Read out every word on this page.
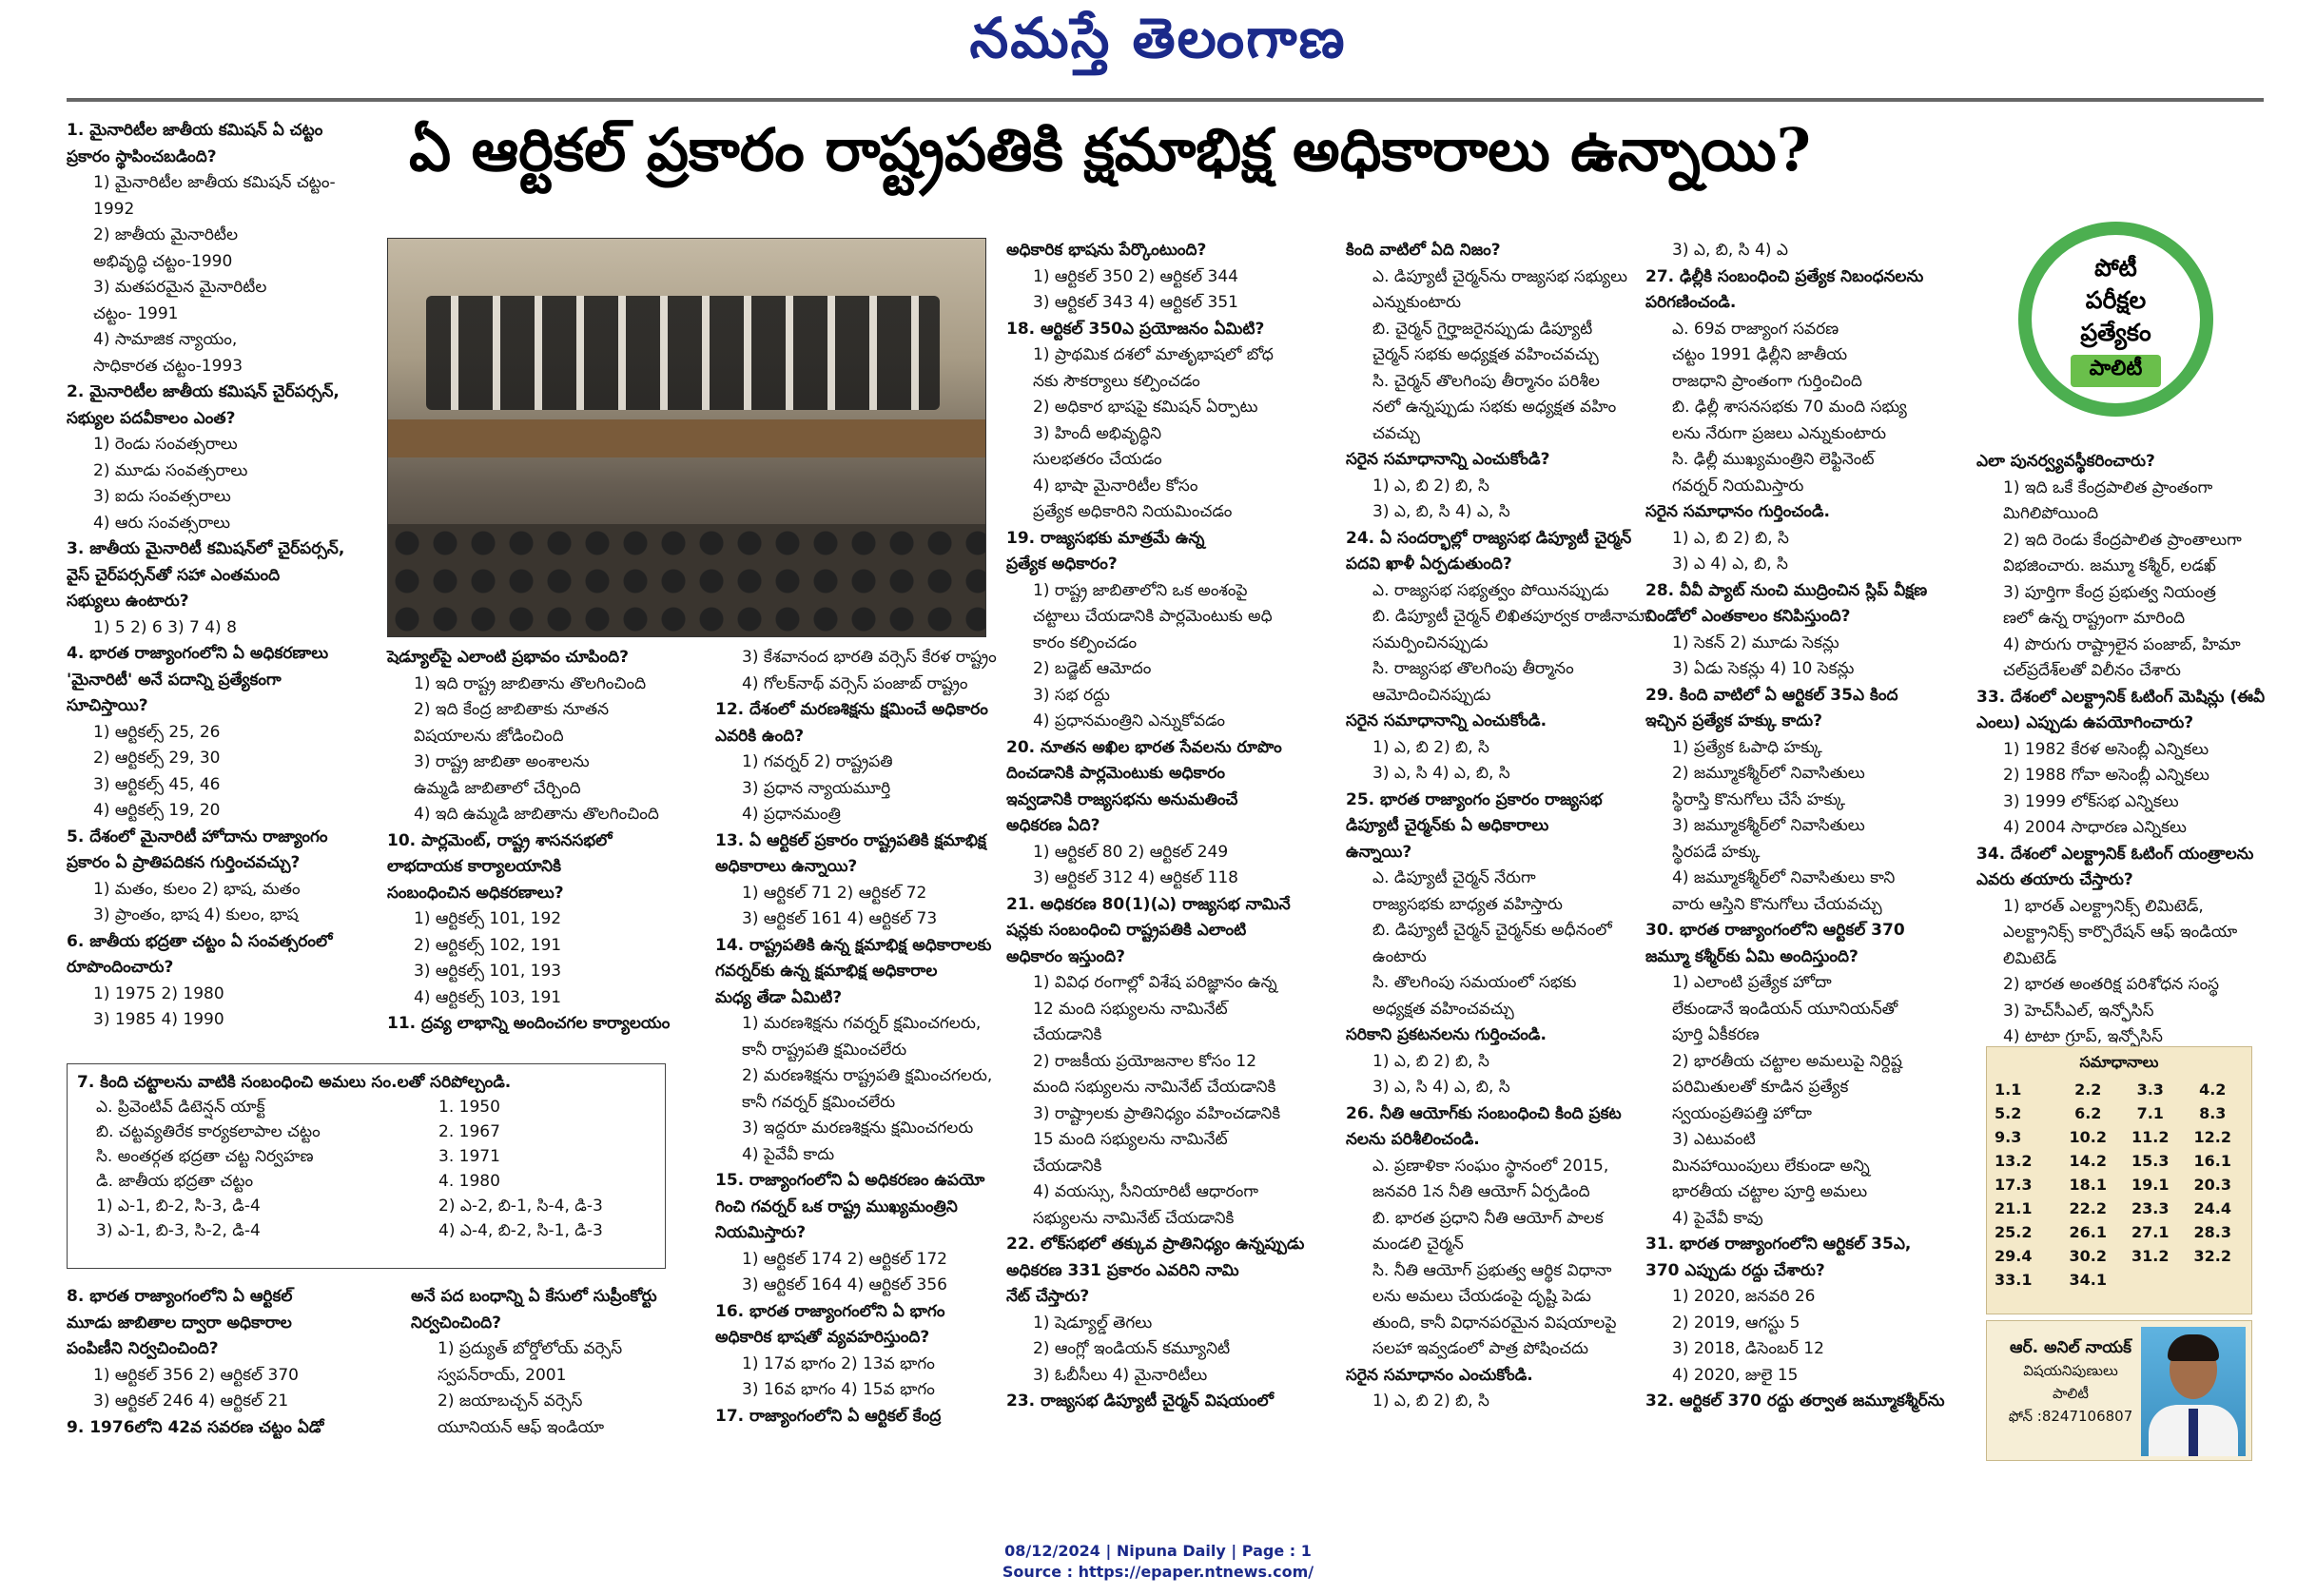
నమస్తే తెలంగాణ
ఏ ఆర్టికల్ ప్రకారం రాష్ట్రపతికి క్షమాభిక్ష అధికారాలు ఉన్నాయి?

1. మైనారిటీల జాతీయ కమిషన్ ఏ చట్టం

ప్రకారం స్థాపించబడింది?

1) మైనారిటీల జాతీయ కమిషన్ చట్టం-

1992

2) జాతీయ మైనారిటీల

అభివృద్ధి చట్టం-1990

3) మతపరమైన మైనారిటీల

చట్టం- 1991

4) సామాజిక న్యాయం,

సాధికారత చట్టం-1993

2. మైనారిటీల జాతీయ కమిషన్ చైర్‌పర్సన్,

సభ్యుల పదవీకాలం ఎంత?

1) రెండు సంవత్సరాలు

2) మూడు సంవత్సరాలు

3) ఐదు సంవత్సరాలు

4) ఆరు సంవత్సరాలు

3. జాతీయ మైనారిటీ కమిషన్‌లో చైర్‌పర్సన్,

వైస్ చైర్‌పర్సన్‌తో సహా ఎంతమంది

సభ్యులు ఉంటారు?

1) 5 2) 6 3) 7 4) 8

4. భారత రాజ్యాంగంలోని ఏ అధికరణాలు

'మైనారిటీ' అనే పదాన్ని ప్రత్యేకంగా

సూచిస్తాయి?

1) ఆర్టికల్స్ 25, 26

2) ఆర్టికల్స్ 29, 30

3) ఆర్టికల్స్ 45, 46

4) ఆర్టికల్స్ 19, 20

5. దేశంలో మైనారిటీ హోదాను రాజ్యాంగం

ప్రకారం ఏ ప్రాతిపదికన గుర్తించవచ్చు?

1) మతం, కులం 2) భాష, మతం

3) ప్రాంతం, భాష 4) కులం, భాష

6. జాతీయ భద్రతా చట్టం ఏ సంవత్సరంలో

రూపొందించారు?

1) 1975 2) 1980

3) 1985 4) 1990

7. కింది చట్టాలను వాటికి సంబంధించి అమలు సం.లతో సరిపోల్చండి.
ఎ. ప్రివెంటివ్ డిటెన్షన్ యాక్ట్	1. 1950
బి. చట్టవ్యతిరేక కార్యకలాపాల చట్టం	2. 1967
సి. అంతర్గత భద్రతా చట్ట నిర్వహణ	3. 1971
డి. జాతీయ భద్రతా చట్టం	4. 1980
1) ఎ-1, బి-2, సి-3, డి-4	2) ఎ-2, బి-1, సి-4, డి-3
3) ఎ-1, బి-3, సి-2, డి-4	4) ఎ-4, బి-2, సి-1, డి-3

8. భారత రాజ్యాంగంలోని ఏ ఆర్టికల్

మూడు జాబితాల ద్వారా అధికారాల

పంపిణీని నిర్వచించింది?

1) ఆర్టికల్ 356 2) ఆర్టికల్ 370

3) ఆర్టికల్ 246 4) ఆర్టికల్ 21

9. 1976లోని 42వ సవరణ చట్టం ఏడో

షెడ్యూల్‌పై ఎలాంటి ప్రభావం చూపింది?

1) ఇది రాష్ట్ర జాబితాను తొలగించింది

2) ఇది కేంద్ర జాబితాకు నూతన

విషయాలను జోడించింది

3) రాష్ట్ర జాబితా అంశాలను

ఉమ్మడి జాబితాలో చేర్చింది

4) ఇది ఉమ్మడి జాబితాను తొలగించింది

10. పార్లమెంట్, రాష్ట్ర శాసనసభలో

లాభదాయక కార్యాలయానికి

సంబంధించిన అధికరణాలు?

1) ఆర్టికల్స్ 101, 192

2) ఆర్టికల్స్ 102, 191

3) ఆర్టికల్స్ 101, 193

4) ఆర్టికల్స్ 103, 191

11. ద్రవ్య లాభాన్ని అందించగల కార్యాలయం

అనే పద బంధాన్ని ఏ కేసులో సుప్రీంకోర్టు

నిర్వచించింది?

1) ప్రద్యుత్ బోర్డోలోయ్ వర్సెస్

స్వపన్‌రాయ్, 2001

2) జయాబచ్చన్ వర్సెస్

యూనియన్ ఆఫ్ ఇండియా

3) కేశవానంద భారతి వర్సెస్ కేరళ రాష్ట్రం

4) గోలక్‌నాథ్ వర్సెస్ పంజాబ్ రాష్ట్రం

12. దేశంలో మరణశిక్షను క్షమించే అధికారం

ఎవరికి ఉంది?

1) గవర్నర్ 2) రాష్ట్రపతి

3) ప్రధాన న్యాయమూర్తి

4) ప్రధానమంత్రి

13. ఏ ఆర్టికల్ ప్రకారం రాష్ట్రపతికి క్షమాభిక్ష

అధికారాలు ఉన్నాయి?

1) ఆర్టికల్ 71 2) ఆర్టికల్ 72

3) ఆర్టికల్ 161 4) ఆర్టికల్ 73

14. రాష్ట్రపతికి ఉన్న క్షమాభిక్ష అధికారాలకు

గవర్నర్‌కు ఉన్న క్షమాభిక్ష అధికారాల

మధ్య తేడా ఏమిటి?

1) మరణశిక్షను గవర్నర్ క్షమించగలరు,

కానీ రాష్ట్రపతి క్షమించలేరు

2) మరణశిక్షను రాష్ట్రపతి క్షమించగలరు,

కానీ గవర్నర్ క్షమించలేరు

3) ఇద్దరూ మరణశిక్షను క్షమించగలరు

4) పైవేవీ కాదు

15. రాజ్యాంగంలోని ఏ అధికరణం ఉపయో

గించి గవర్నర్ ఒక రాష్ట్ర ముఖ్యమంత్రిని

నియమిస్తారు?

1) ఆర్టికల్ 174 2) ఆర్టికల్ 172

3) ఆర్టికల్ 164 4) ఆర్టికల్ 356

16. భారత రాజ్యాంగంలోని ఏ భాగం

అధికారిక భాషతో వ్యవహరిస్తుంది?

1) 17వ భాగం 2) 13వ భాగం

3) 16వ భాగం 4) 15వ భాగం

17. రాజ్యాంగంలోని ఏ ఆర్టికల్ కేంద్ర

అధికారిక భాషను పేర్కొంటుంది?

1) ఆర్టికల్ 350 2) ఆర్టికల్ 344

3) ఆర్టికల్ 343 4) ఆర్టికల్ 351

18. ఆర్టికల్ 350ఎ ప్రయోజనం ఏమిటి?

1) ప్రాథమిక దశలో మాతృభాషలో బోధ

నకు సౌకర్యాలు కల్పించడం

2) అధికార భాషపై కమిషన్ ఏర్పాటు

3) హిందీ అభివృద్ధిని

సులభతరం చేయడం

4) భాషా మైనారిటీల కోసం

ప్రత్యేక అధికారిని నియమించడం

19. రాజ్యసభకు మాత్రమే ఉన్న

ప్రత్యేక అధికారం?

1) రాష్ట్ర జాబితాలోని ఒక అంశంపై

చట్టాలు చేయడానికి పార్లమెంటుకు అధి

కారం కల్పించడం

2) బడ్జెట్ ఆమోదం

3) సభ రద్దు

4) ప్రధానమంత్రిని ఎన్నుకోవడం

20. నూతన అఖిల భారత సేవలను రూపొం

దించడానికి పార్లమెంటుకు అధికారం

ఇవ్వడానికి రాజ్యసభను అనుమతించే

అధికరణ ఏది?

1) ఆర్టికల్ 80 2) ఆర్టికల్ 249

3) ఆర్టికల్ 312 4) ఆర్టికల్ 118

21. అధికరణ 80(1)(ఎ) రాజ్యసభ నామినే

షన్లకు సంబంధించి రాష్ట్రపతికి ఎలాంటి

అధికారం ఇస్తుంది?

1) వివిధ రంగాల్లో విశేష పరిజ్ఞానం ఉన్న

12 మంది సభ్యులను నామినేట్

చేయడానికి

2) రాజకీయ ప్రయోజనాల కోసం 12

మంది సభ్యులను నామినేట్ చేయడానికి

3) రాష్ట్రాలకు ప్రాతినిధ్యం వహించడానికి

15 మంది సభ్యులను నామినేట్

చేయడానికి

4) వయస్సు, సీనియారిటీ ఆధారంగా

సభ్యులను నామినేట్ చేయడానికి

22. లోక్‌సభలో తక్కువ ప్రాతినిధ్యం ఉన్నప్పుడు

అధికరణ 331 ప్రకారం ఎవరిని నామి

నేట్ చేస్తారు?

1) షెడ్యూల్డ్ తెగలు

2) ఆంగ్లో ఇండియన్ కమ్యూనిటీ

3) ఓబీసీలు 4) మైనారిటీలు

23. రాజ్యసభ డిప్యూటీ చైర్మన్ విషయంలో

కింది వాటిలో ఏది నిజం?

ఎ. డిప్యూటీ చైర్మన్‌ను రాజ్యసభ సభ్యులు

ఎన్నుకుంటారు

బి. చైర్మన్ గైర్హాజరైనప్పుడు డిప్యూటీ

చైర్మన్ సభకు అధ్యక్షత వహించవచ్చు

సి. చైర్మన్ తొలగింపు తీర్మానం పరిశీల

నలో ఉన్నప్పుడు సభకు అధ్యక్షత వహిం

చవచ్చు

సరైన సమాధానాన్ని ఎంచుకోండి?

1) ఎ, బి 2) బి, సి

3) ఎ, బి, సి 4) ఎ, సి

24. ఏ సందర్భాల్లో రాజ్యసభ డిప్యూటీ చైర్మన్

పదవి ఖాళీ ఏర్పడుతుంది?

ఎ. రాజ్యసభ సభ్యత్వం పోయినప్పుడు

బి. డిప్యూటీ చైర్మన్ లిఖితపూర్వక రాజీనామా

సమర్పించినప్పుడు

సి. రాజ్యసభ తొలగింపు తీర్మానం

ఆమోదించినప్పుడు

సరైన సమాధానాన్ని ఎంచుకోండి.

1) ఎ, బి 2) బి, సి

3) ఎ, సి 4) ఎ, బి, సి

25. భారత రాజ్యాంగం ప్రకారం రాజ్యసభ

డిప్యూటీ చైర్మన్‌కు ఏ అధికారాలు

ఉన్నాయి?

ఎ. డిప్యూటీ చైర్మన్ నేరుగా

రాజ్యసభకు బాధ్యత వహిస్తారు

బి. డిప్యూటీ చైర్మన్ చైర్మన్‌కు అధీనంలో

ఉంటారు

సి. తొలగింపు సమయంలో సభకు

అధ్యక్షత వహించవచ్చు

సరికాని ప్రకటనలను గుర్తించండి.

1) ఎ, బి 2) బి, సి

3) ఎ, సి 4) ఎ, బి, సి

26. నీతి ఆయోగ్‌కు సంబంధించి కింది ప్రకట

నలను పరిశీలించండి.

ఎ. ప్రణాళికా సంఘం స్థానంలో 2015,

జనవరి 1న నీతి ఆయోగ్ ఏర్పడింది

బి. భారత ప్రధాని నీతి ఆయోగ్ పాలక

మండలి చైర్మన్

సి. నీతి ఆయోగ్ ప్రభుత్వ ఆర్థిక విధానా

లను అమలు చేయడంపై దృష్టి పెడు

తుంది, కానీ విధానపరమైన విషయాలపై

సలహా ఇవ్వడంలో పాత్ర పోషించదు

సరైన సమాధానం ఎంచుకోండి.

1) ఎ, బి 2) బి, సి

3) ఎ, బి, సి 4) ఎ

27. ఢిల్లీకి సంబంధించి ప్రత్యేక నిబంధనలను

పరిగణించండి.

ఎ. 69వ రాజ్యాంగ సవరణ

చట్టం 1991 ఢిల్లీని జాతీయ

రాజధాని ప్రాంతంగా గుర్తించింది

బి. ఢిల్లీ శాసనసభకు 70 మంది సభ్యు

లను నేరుగా ప్రజలు ఎన్నుకుంటారు

సి. ఢిల్లీ ముఖ్యమంత్రిని లెఫ్టినెంట్

గవర్నర్ నియమిస్తారు

సరైన సమాధానం గుర్తించండి.

1) ఎ, బి 2) బి, సి

3) ఎ 4) ఎ, బి, సి

28. వీవీ ప్యాట్ నుంచి ముద్రించిన స్లిప్ వీక్షణ

విండోలో ఎంతకాలం కనిపిస్తుంది?

1) సెకన్ 2) మూడు సెకన్లు

3) ఏడు సెకన్లు 4) 10 సెకన్లు

29. కింది వాటిలో ఏ ఆర్టికల్ 35ఎ కింద

ఇచ్చిన ప్రత్యేక హక్కు కాదు?

1) ప్రత్యేక ఓపాధి హక్కు

2) జమ్మూకశ్మీర్‌లో నివాసితులు

స్థిరాస్తి కొనుగోలు చేసే హక్కు

3) జమ్మూకశ్మీర్‌లో నివాసితులు

స్థిరపడే హక్కు

4) జమ్మూకశ్మీర్‌లో నివాసితులు కాని

వారు ఆస్తిని కొనుగోలు చేయవచ్చు

30. భారత రాజ్యాంగంలోని ఆర్టికల్ 370

జమ్మూ కశ్మీర్‌కు ఏమి అందిస్తుంది?

1) ఎలాంటి ప్రత్యేక హోదా

లేకుండానే ఇండియన్ యూనియన్‌తో

పూర్తి ఏకీకరణ

2) భారతీయ చట్టాల అమలుపై నిర్దిష్ట

పరిమితులతో కూడిన ప్రత్యేక

స్వయంప్రతిపత్తి హోదా

3) ఎటువంటి

మినహాయింపులు లేకుండా అన్ని

భారతీయ చట్టాల పూర్తి అమలు

4) పైవేవీ కావు

31. భారత రాజ్యాంగంలోని ఆర్టికల్ 35ఎ,

370 ఎప్పుడు రద్దు చేశారు?

1) 2020, జనవరి 26

2) 2019, ఆగస్టు 5

3) 2018, డిసెంబర్ 12

4) 2020, జులై 15

32. ఆర్టికల్ 370 రద్దు తర్వాత జమ్మూకశ్మీర్‌ను

ఎలా పునర్వ్యవస్థీకరించారు?

1) ఇది ఒకే కేంద్రపాలిత ప్రాంతంగా

మిగిలిపోయింది

2) ఇది రెండు కేంద్రపాలిత ప్రాంతాలుగా

విభజించారు. జమ్మూ కశ్మీర్, లడఖ్

3) పూర్తిగా కేంద్ర ప్రభుత్వ నియంత్ర

ణలో ఉన్న రాష్ట్రంగా మారింది

4) పొరుగు రాష్ట్రాలైన పంజాబ్, హిమా

చల్‌ప్రదేశ్‌లతో విలీనం చేశారు

33. దేశంలో ఎలక్ట్రానిక్ ఓటింగ్ మెషిన్లు (ఈవీ

ఎంలు) ఎప్పుడు ఉపయోగించారు?

1) 1982 కేరళ అసెంబ్లీ ఎన్నికలు

2) 1988 గోవా అసెంబ్లీ ఎన్నికలు

3) 1999 లోక్‌సభ ఎన్నికలు

4) 2004 సాధారణ ఎన్నికలు

34. దేశంలో ఎలక్ట్రానిక్ ఓటింగ్ యంత్రాలను

ఎవరు తయారు చేస్తారు?

1) భారత్ ఎలక్ట్రానిక్స్ లిమిటెడ్,

ఎలక్ట్రానిక్స్ కార్పొరేషన్ ఆఫ్ ఇండియా

లిమిటెడ్

2) భారత అంతరిక్ష పరిశోధన సంస్థ

3) హెచ్‌సీఎల్, ఇన్ఫోసిస్

4) టాటా గ్రూప్, ఇన్ఫోసిస్

పోటీ
పరీక్షల
ప్రత్యేకం
పాలిటీ
సమాధానాలు
1.1	2.2	3.3	4.2
5.2	6.2	7.1	8.3
9.3	10.2	11.2	12.2
13.2	14.2	15.3	16.1
17.3	18.1	19.1	20.3
21.1	22.2	23.3	24.4
25.2	26.1	27.1	28.3
29.4	30.2	31.2	32.2
33.1	34.1
ఆర్. అనిల్ నాయక్
విషయనిపుణులు
పాలిటీ
ఫోన్ :8247106807
08/12/2024 | Nipuna Daily | Page : 1
Source : https://epaper.ntnews.com/
